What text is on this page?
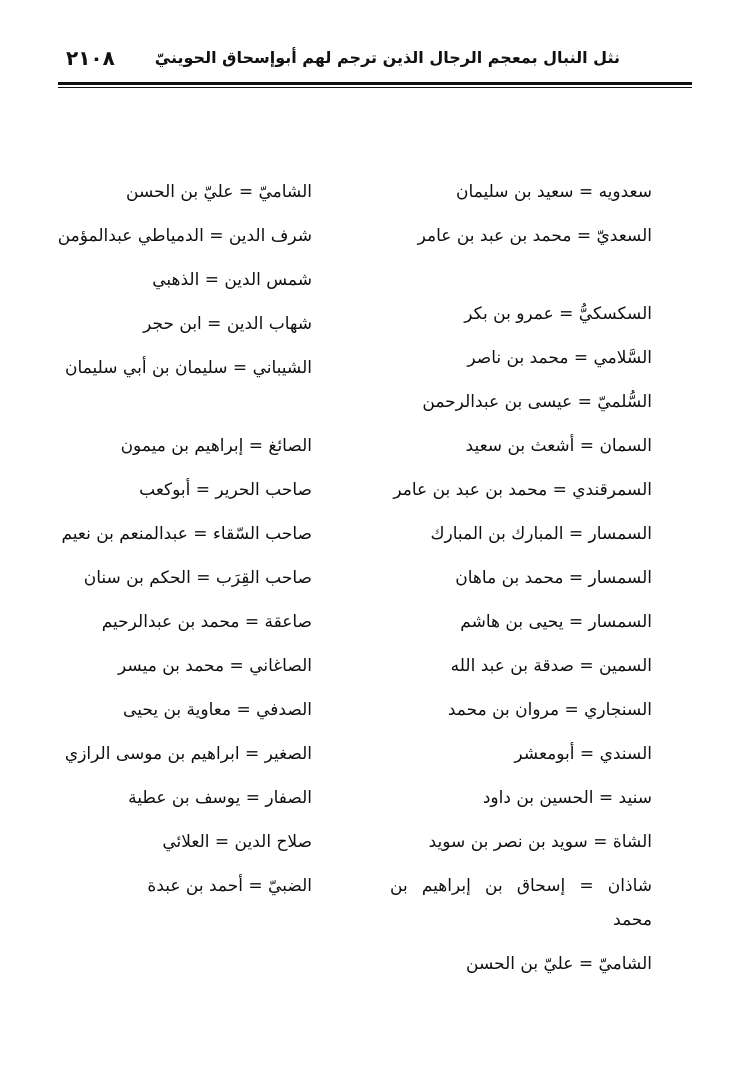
٢١٠٨ نثل النبال بمعجم الرجال الذين ترجم لهم أبوإسحاق الحوينيّ
سعدويه = سعيد بن سليمان
السعديّ = محمد بن عبد بن عامر
السكسكيُّ = عمرو بن بكر
السَّلامي = محمد بن ناصر
السُّلميّ = عيسى بن عبدالرحمن
السمان = أشعث بن سعيد
السمرقندي = محمد بن عبد بن عامر
السمسار = المبارك بن المبارك
السمسار = محمد بن ماهان
السمسار = يحيى بن هاشم
السمين = صدقة بن عبد الله
السنجاري = مروان بن محمد
السندي = أبومعشر
سنيد = الحسين بن داود
الشاة = سويد بن نصر بن سويد
شاذان = إسحاق بن إبراهيم بن محمد
الشاميّ = عليّ بن الحسن
الشاميّ = عليّ بن الحسن
شرف الدين = الدمياطي عبدالمؤمن
شمس الدين = الذهبي
شهاب الدين = ابن حجر
الشيباني = سليمان بن أبي سليمان
الصائغ = إبراهيم بن ميمون
صاحب الحرير = أبوكعب
صاحب السّقاء = عبدالمنعم بن نعيم
صاحب القِرَب = الحكم بن سنان
صاعقة = محمد بن عبدالرحيم
الصاغاني = محمد بن ميسر
الصدفي = معاوية بن يحيى
الصغير = ابراهيم بن موسى الرازي
الصفار = يوسف بن عطية
صلاح الدين = العلائي
الضبيّ = أحمد بن عبدة
